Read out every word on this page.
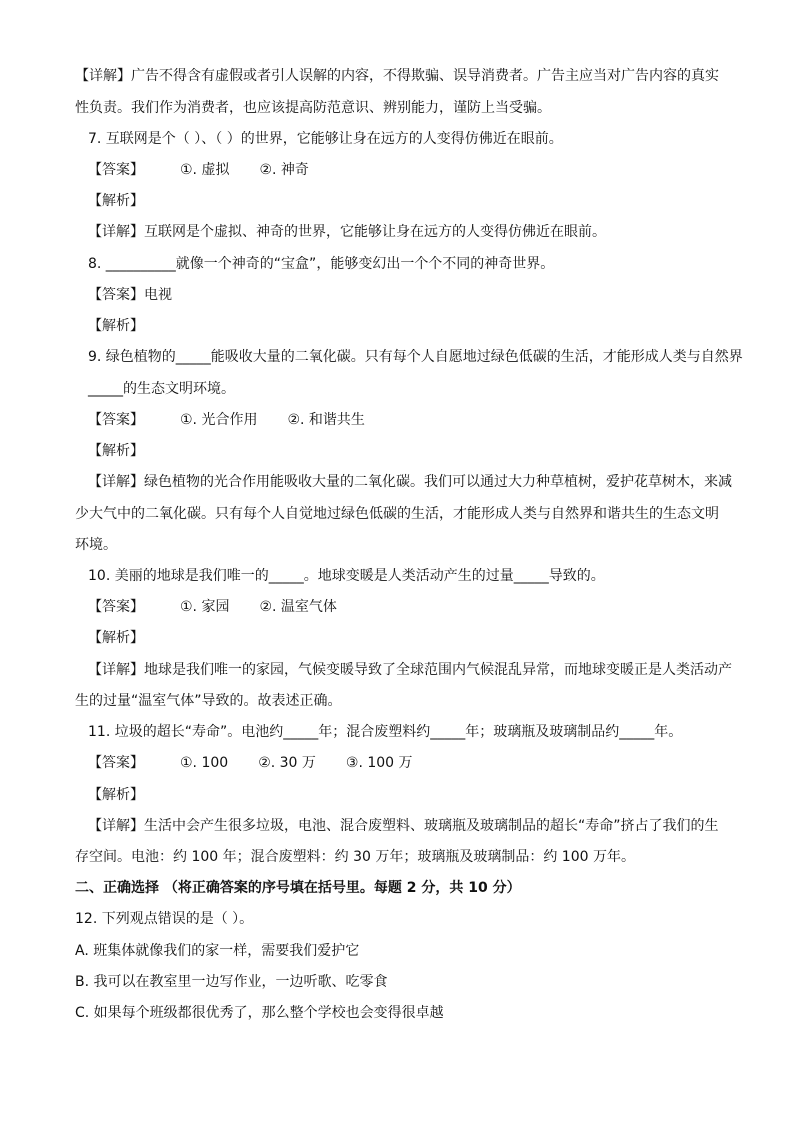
【详解】广告不得含有虚假或者引人误解的内容，不得欺骗、误导消费者。广告主应当对广告内容的真实
性负责。我们作为消费者，也应该提高防范意识、辨别能力，谨防上当受骗。
7. 互联网是个（ ）、（ ）的世界，它能够让身在远方的人变得仿佛近在眼前。
【答案】	①. 虚拟 ②. 神奇
【解析】
【详解】互联网是个虚拟、神奇的世界，它能够让身在远方的人变得仿佛近在眼前。
8. __________就像一个神奇的“宝盒”，能够变幻出一个个不同的神奇世界。
【答案】电视
【解析】
9. 绿色植物的_____能吸收大量的二氧化碳。只有每个人自愿地过绿色低碳的生活，才能形成人类与自然界
_____的生态文明环境。
【答案】	①. 光合作用 ②. 和谐共生
【解析】
【详解】绿色植物的光合作用能吸收大量的二氧化碳。我们可以通过大力种草植树，爱护花草树木，来减
少大气中的二氧化碳。只有每个人自觉地过绿色低碳的生活，才能形成人类与自然界和谐共生的生态文明
环境。
10. 美丽的地球是我们唯一的_____。地球变暖是人类活动产生的过量_____导致的。
【答案】	①. 家园 ②. 温室气体
【解析】
【详解】地球是我们唯一的家园，气候变暖导致了全球范围内气候混乱异常，而地球变暖正是人类活动产
生的过量“温室气体”导致的。故表述正确。
11. 垃圾的超长“寿命”。电池约_____年；混合废塑料约_____年；玻璃瓶及玻璃制品约_____年。
【答案】	①. 100 ②. 30 万 ③. 100 万
【解析】
【详解】生活中会产生很多垃圾，电池、混合废塑料、玻璃瓶及玻璃制品的超长“寿命”挤占了我们的生
存空间。电池：约 100 年；混合废塑料：约 30 万年；玻璃瓶及玻璃制品：约 100 万年。
二、正确选择 （将正确答案的序号填在括号里。每题 2 分，共 10 分）
12. 下列观点错误的是（ ）。
A. 班集体就像我们的家一样，需要我们爱护它
B. 我可以在教室里一边写作业，一边听歌、吃零食
C. 如果每个班级都很优秀了，那么整个学校也会变得很卓越
